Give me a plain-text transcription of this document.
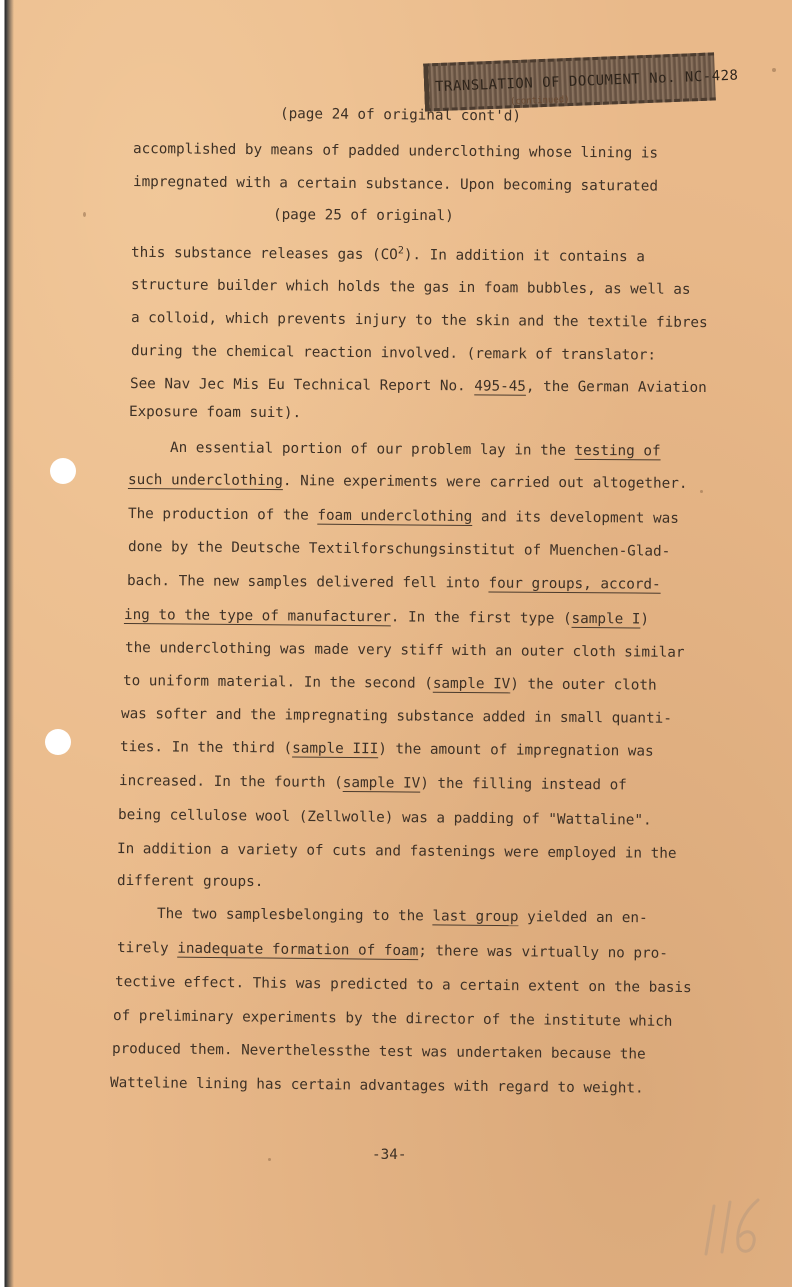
TRANSLATION OF DOCUMENT No. NC-428
(continued)
(page 24 of original cont'd)
accomplished by means of padded underclothing whose lining is
impregnated with a certain substance. Upon becoming saturated
(page 25 of original)
this substance releases gas $(CO^2)$. In addition it contains a
structure builder which holds the gas in foam bubbles, as well as
a colloid, which prevents injury to the skin and the textile fibres
during the chemical reaction involved. (remark of translator:
See Nav Jec Mis Eu Technical Report No. 495-45, the German Aviation
Exposure foam suit).
An essential portion of our problem lay in the testing of
such underclothing. Nine experiments were carried out altogether.
The production of the foam underclothing and its development was
done by the Deutsche Textilforschungsinstitut of Muenchen-Glad-
bach. The new samples delivered fell into four groups, accord-
ing to the type of manufacturer. In the first type (sample I)
the underclothing was made very stiff with an outer cloth similar
to uniform material. In the second (sample IV) the outer cloth
was softer and the impregnating substance added in small quanti-
ties. In the third (sample III) the amount of impregnation was
increased. In the fourth (sample IV) the filling instead of
being cellulose wool (Zellwolle) was a padding of "Wattaline".
In addition a variety of cuts and fastenings were employed in the
different groups.
The two samplesbelonging to the last group yielded an en-
tirely inadequate formation of foam; there was virtually no pro-
tective effect. This was predicted to a certain extent on the basis
of preliminary experiments by the director of the institute which
produced them. Neverthelessthe test was undertaken because the
Watteline lining has certain advantages with regard to weight.
-34-
